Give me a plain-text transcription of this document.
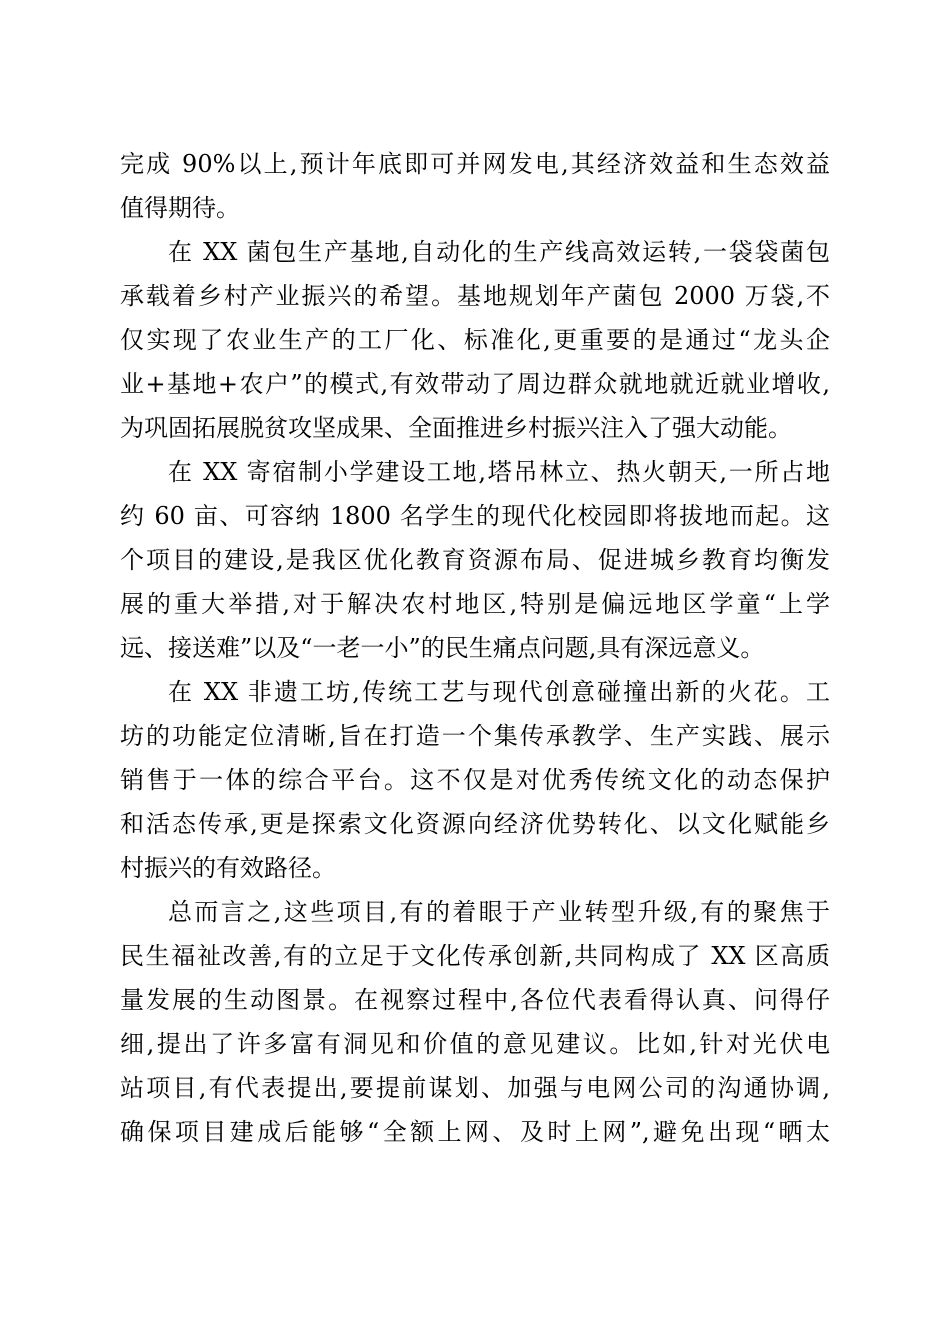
完成 90%以上,预计年底即可并网发电,其经济效益和生态效益
值得期待。
在 XX 菌包生产基地,自动化的生产线高效运转,一袋袋菌包
承载着乡村产业振兴的希望。基地规划年产菌包 2000 万袋,不
仅实现了农业生产的工厂化、标准化,更重要的是通过“龙头企
业+基地+农户”的模式,有效带动了周边群众就地就近就业增收,
为巩固拓展脱贫攻坚成果、全面推进乡村振兴注入了强大动能。
在 XX 寄宿制小学建设工地,塔吊林立、热火朝天,一所占地
约 60 亩、可容纳 1800 名学生的现代化校园即将拔地而起。这
个项目的建设,是我区优化教育资源布局、促进城乡教育均衡发
展的重大举措,对于解决农村地区,特别是偏远地区学童“上学
远、接送难”以及“一老一小”的民生痛点问题,具有深远意义。
在 XX 非遗工坊,传统工艺与现代创意碰撞出新的火花。工
坊的功能定位清晰,旨在打造一个集传承教学、生产实践、展示
销售于一体的综合平台。这不仅是对优秀传统文化的动态保护
和活态传承,更是探索文化资源向经济优势转化、以文化赋能乡
村振兴的有效路径。
总而言之,这些项目,有的着眼于产业转型升级,有的聚焦于
民生福祉改善,有的立足于文化传承创新,共同构成了 XX 区高质
量发展的生动图景。在视察过程中,各位代表看得认真、问得仔
细,提出了许多富有洞见和价值的意见建议。比如,针对光伏电
站项目,有代表提出,要提前谋划、加强与电网公司的沟通协调,
确保项目建成后能够“全额上网、及时上网”,避免出现“晒太
